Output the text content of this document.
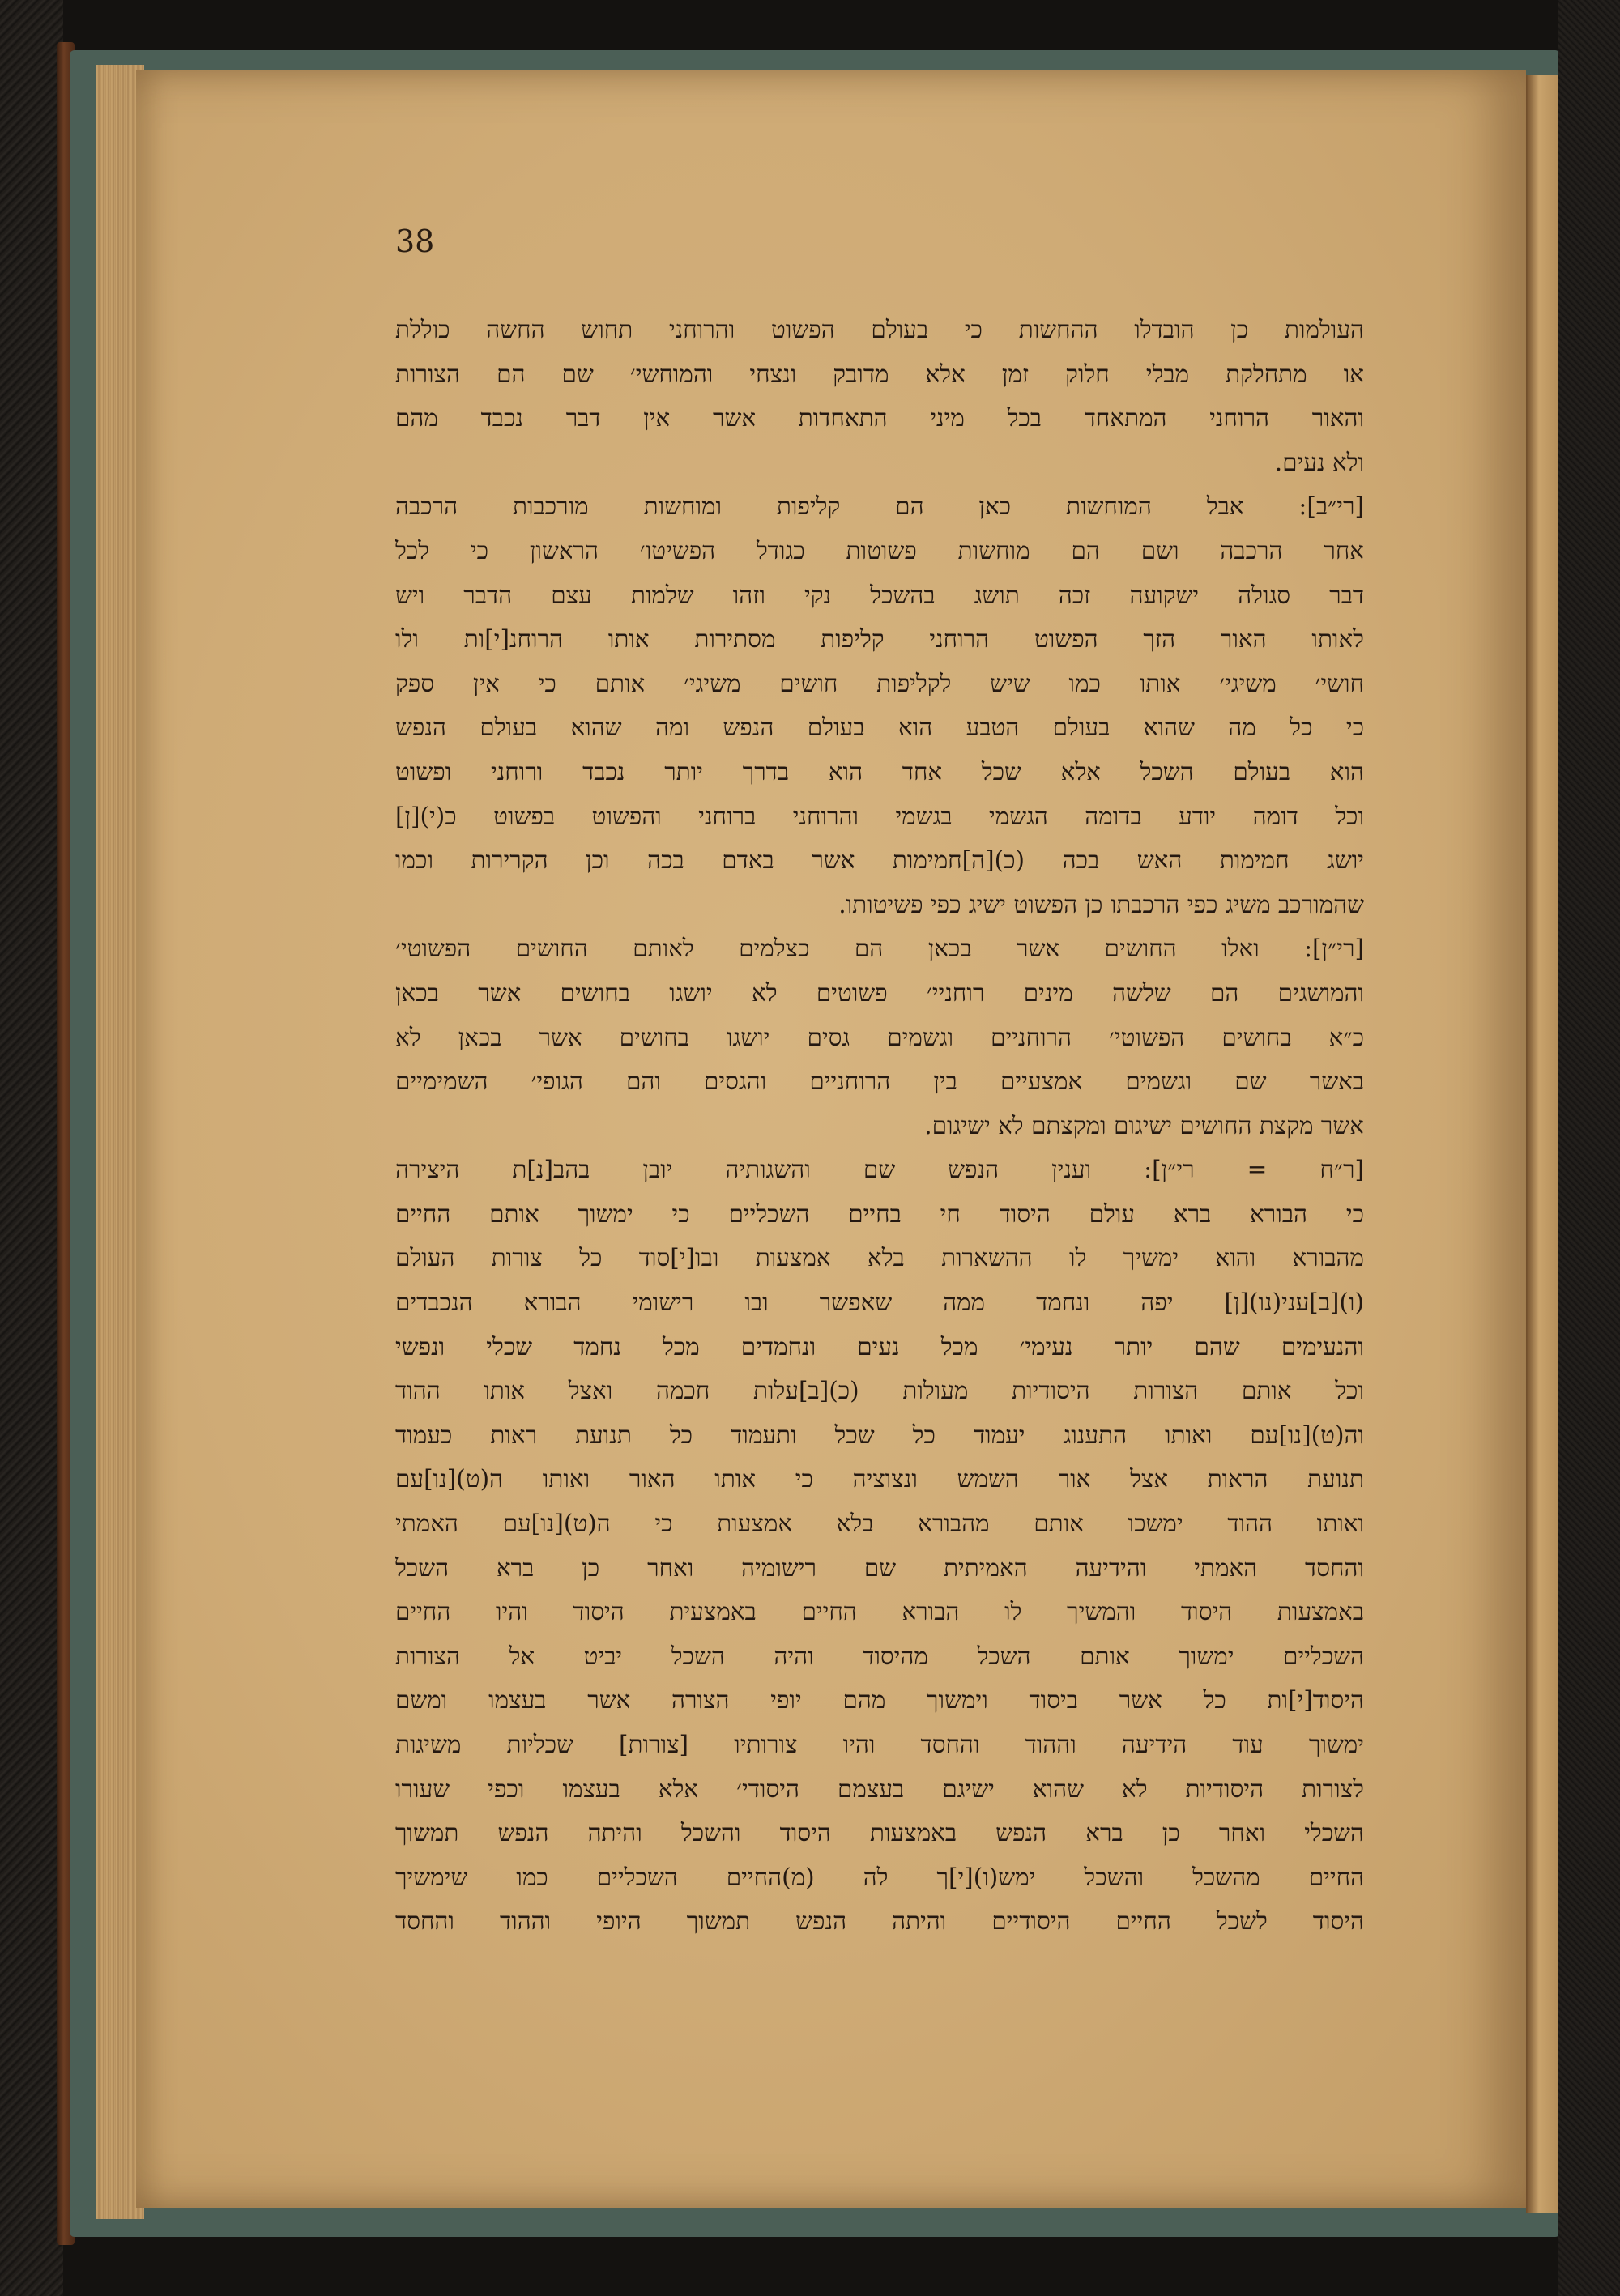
38

העולמות כן הובדלו ההחשות כי בעולם הפשוט והרוחני תחוש החשה כוללת
או מתחלקת מבלי חלוק זמן אלא מדובק ונצחי והמוחשי׳ שם הם הצורות
והאור הרוחני המתאחד בכל מיני התאחדות אשר אין דבר נכבד מהם
ולא נעים.
[רי״ב]: אבל המוחשות כאן הם קליפות ומוחשות מורכבות הרכבה
אחר הרכבה ושם הם מוחשות פשוטות כגודל הפשיטו׳ הראשון כי לכל
דבר סגולה ישקועה זכה תושג בהשכל נקי וזהו שלמות עצם הדבר ויש
לאותו האור הזך הפשוט הרוחני קליפות מסתירות אותו הרוחנ[י]ות ולו
חושי׳ משיגי׳ אותו כמו שיש לקליפות חושים משיגי׳ אותם כי אין ספק
כי כל מה שהוא בעולם הטבע הוא בעולם הנפש ומה שהוא בעולם הנפש
הוא בעולם השכל אלא שכל אחד הוא בדרך יותר נכבד ורוחני ופשוט
וכל דומה יודע בדומה הגשמי בגשמי והרוחני ברוחני והפשוט בפשוט כ(י)[ן]
יושג חמימות האש בכה (כ)[ה]חמימות אשר באדם בכה וכן הקרירות וכמו
שהמורכב משיג כפי הרכבתו כן הפשוט ישיג כפי פשיטותו.
[רי״ן]: ואלו החושים אשר בכאן הם כצלמים לאותם החושים הפשוטי׳
והמושגים הם שלשה מינים רוחניי׳ פשוטים לא יושגו בחושים אשר בכאן
כ״א בחושים הפשוטי׳ הרוחניים וגשמים גסים יושגו בחושים אשר בכאן לא
באשר שם וגשמים אמצעיים בין הרוחניים והגסים והם הגופי׳ השמימיים
אשר מקצת החושים ישיגום ומקצתם לא ישיגום.
[ר״ח = רי״ן]: וענין הנפש שם והשגותיה יובן בהב[נ]ת היצירה
כי הבורא ברא עולם היסוד חי בחיים השכליים כי ימשוך אותם החיים
מהבורא והוא ימשיך לו ההשארות בלא אמצעות ובו[י]סוד כל צורות העולם
(ו)[ב]עני(נו)[ן] יפה ונחמד ממה שאפשר ובו רישומי הבורא הנכבדים
והנעימים שהם יותר נעימי׳ מכל נעים ונחמדים מכל נחמד שכלי ונפשי
וכל אותם הצורות היסודיות מעולות (כ)[ב]עלות חכמה ואצל אותו ההוד
וה(ט)[נו]עם ואותו התענוג יעמוד כל שכל ותעמוד כל תנועת ראות כעמוד
תנועת הראות אצל אור השמש ונצוציה כי אותו האור ואותו ה(ט)[נו]עם
ואותו ההוד ימשכו אותם מהבורא בלא אמצעות כי ה(ט)[נו]עם האמתי
והחסד האמתי והידיעה האמיתית שם רישומיה ואחר כן ברא השכל
באמצעות היסוד והמשיך לו הבורא החיים באמצעית היסוד והיו החיים
השכליים ימשוך אותם השכל מהיסוד והיה השכל יביט אל הצורות
היסוד[י]ות כל אשר ביסוד וימשוך מהם יופי הצורה אשר בעצמו ומשם
ימשוך עוד הידיעה וההוד והחסד והיו צורותיו [צורות] שכליות משיגות
לצורות היסודיות לא שהוא ישיגם בעצמם היסודי׳ אלא בעצמו וכפי שעורו
השכלי ואחר כן ברא הנפש באמצעות היסוד והשכל והיתה הנפש תמשוך
החיים מהשכל והשכל ימש(ו)[י]ך לה (מ)החיים השכליים כמו שימשיך
היסוד לשכל החיים היסודיים והיתה הנפש תמשוך היופי וההוד והחסד
